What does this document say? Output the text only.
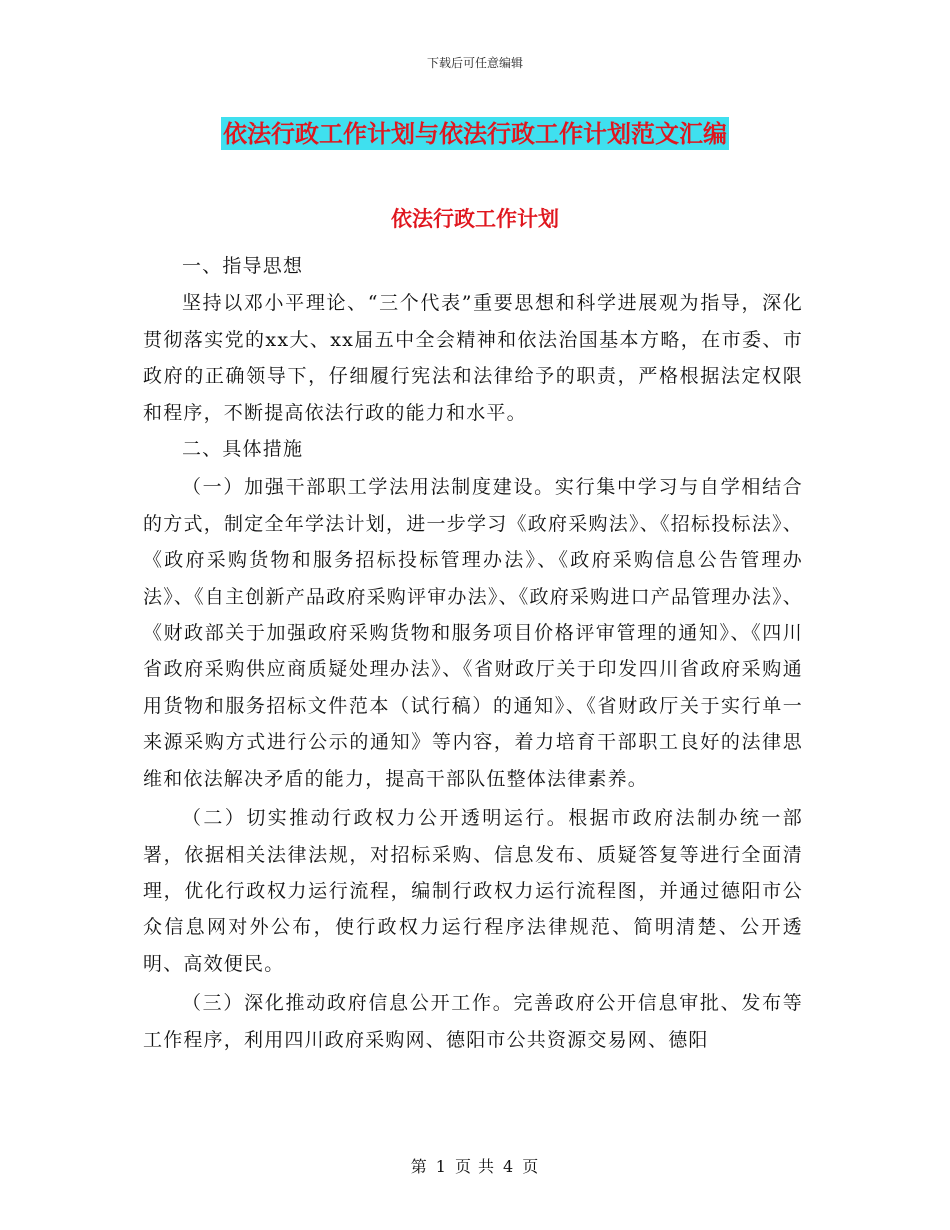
下载后可任意编辑
依法行政工作计划与依法行政工作计划范文汇编
依法行政工作计划

一、指导思想

坚持以邓小平理论、“三个代表”重要思想和科学进展观为指导，深化贯彻落实党的xx大、xx届五中全会精神和依法治国基本方略，在市委、市政府的正确领导下，仔细履行宪法和法律给予的职责，严格根据法定权限和程序，不断提高依法行政的能力和水平。

二、具体措施

（一）加强干部职工学法用法制度建设。实行集中学习与自学相结合的方式，制定全年学法计划，进一步学习《政府采购法》、《招标投标法》、《政府采购货物和服务招标投标管理办法》、《政府采购信息公告管理办法》、《自主创新产品政府采购评审办法》、《政府采购进口产品管理办法》、《财政部关于加强政府采购货物和服务项目价格评审管理的通知》、《四川省政府采购供应商质疑处理办法》、《省财政厅关于印发四川省政府采购通用货物和服务招标文件范本（试行稿）的通知》、《省财政厅关于实行单一来源采购方式进行公示的通知》等内容，着力培育干部职工良好的法律思维和依法解决矛盾的能力，提高干部队伍整体法律素养。

（二）切实推动行政权力公开透明运行。根据市政府法制办统一部署，依据相关法律法规，对招标采购、信息发布、质疑答复等进行全面清理，优化行政权力运行流程，编制行政权力运行流程图，并通过德阳市公众信息网对外公布，使行政权力运行程序法律规范、简明清楚、公开透明、高效便民。

（三）深化推动政府信息公开工作。完善政府公开信息审批、发布等工作程序，利用四川政府采购网、德阳市公共资源交易网、德阳

第 1 页 共 4 页
